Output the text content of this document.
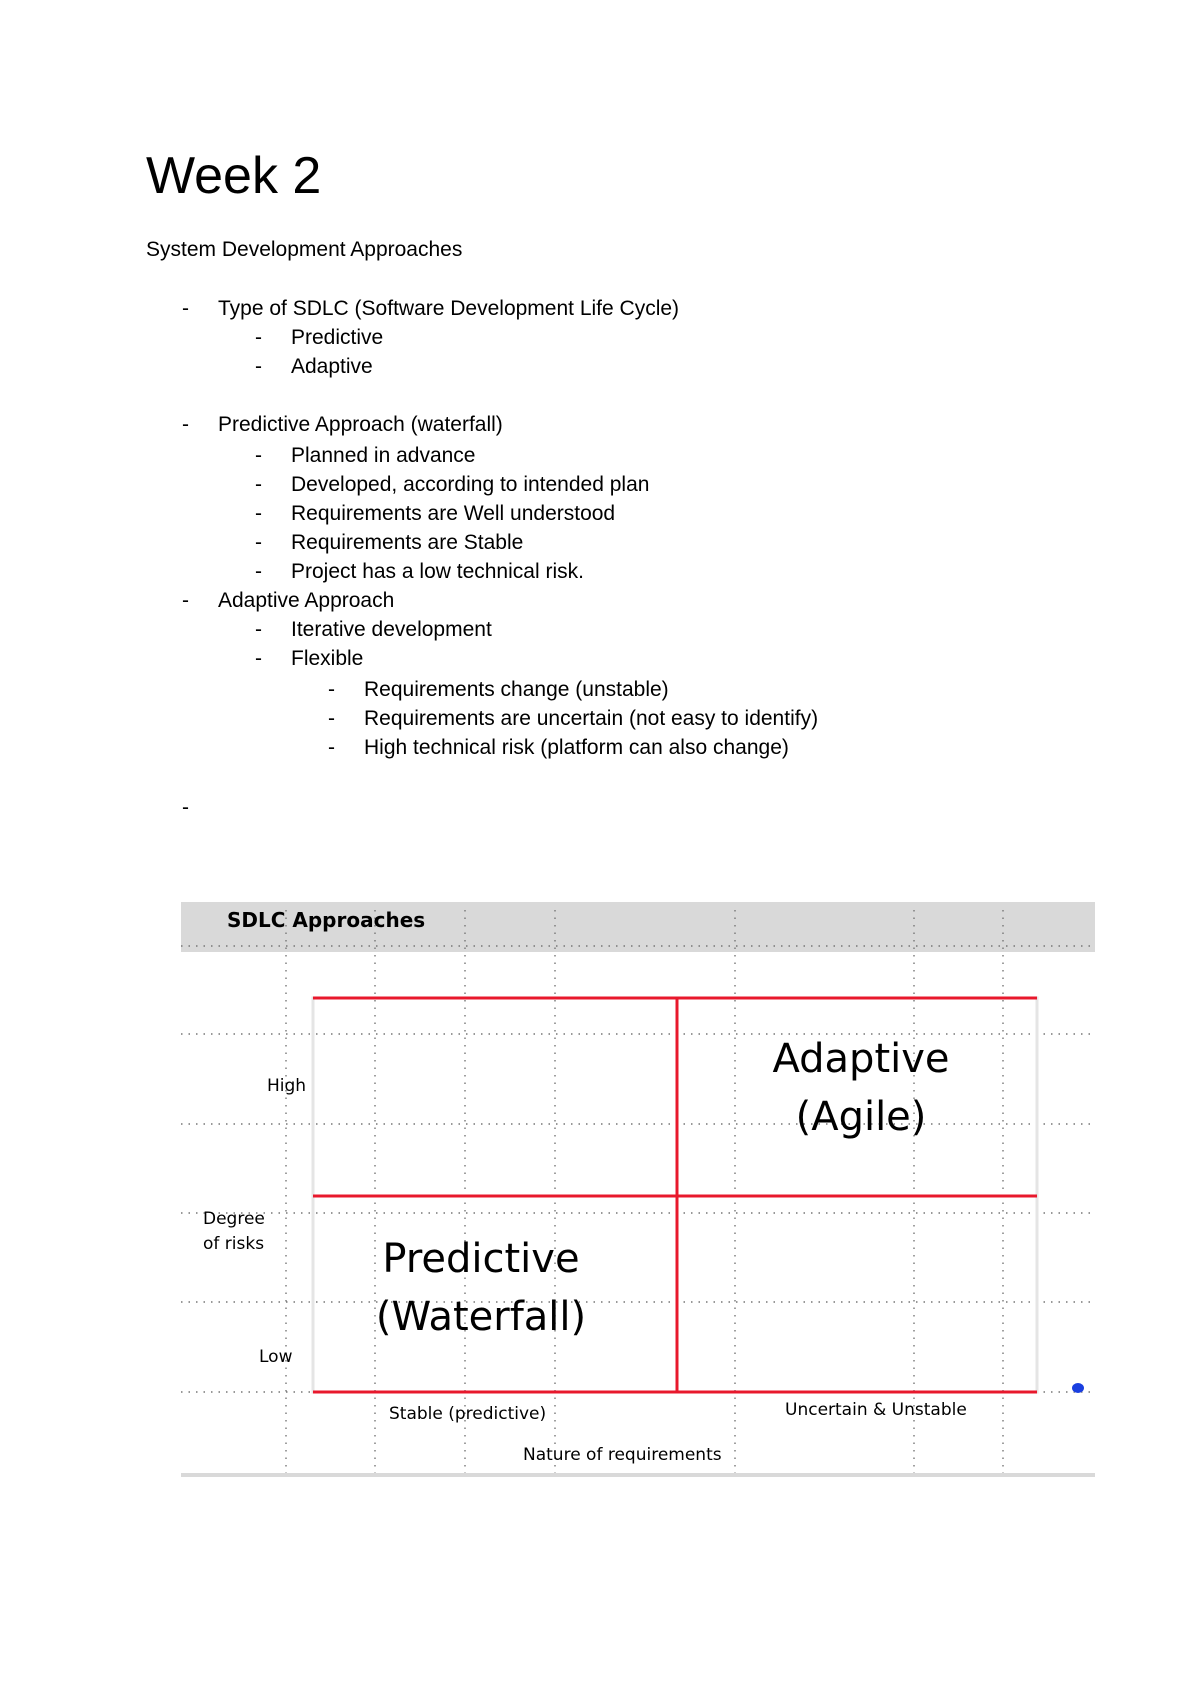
Week 2

System Development Approaches

- Type of SDLC (Software Development Life Cycle)
- Predictive
- Adaptive
- Predictive Approach (waterfall)
- Planned in advance
- Developed, according to intended plan
- Requirements are Well understood
- Requirements are Stable
- Project has a low technical risk.
- Adaptive Approach
- Iterative development
- Flexible
- Requirements change (unstable)
- Requirements are uncertain (not easy to identify)
- High technical risk (platform can also change)
-
SDLC Approaches
High
Degree
of risks
Low
Stable (predictive)	Uncertain & Unstable
Nature of requirements
Adaptive
(Agile)
Predictive
(Waterfall)
